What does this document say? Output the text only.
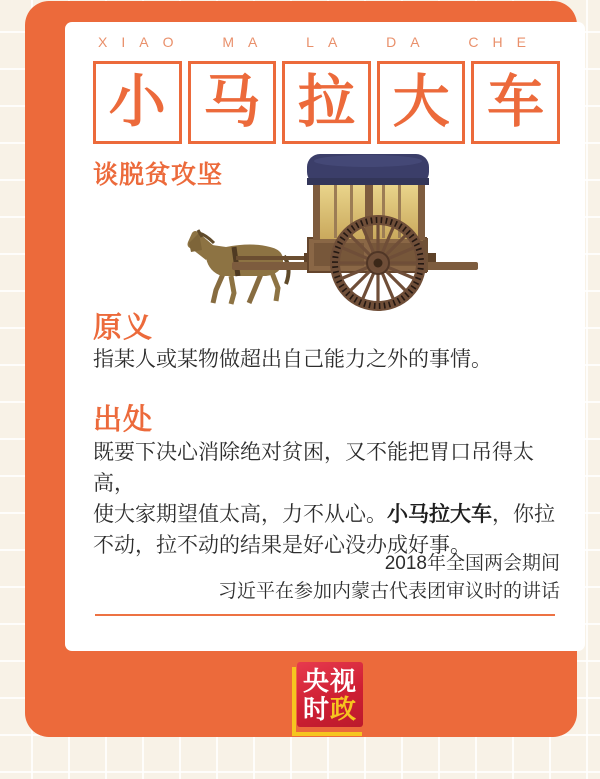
XIAO MA LA DA CHE
小 马 拉 大 车
谈脱贫攻坚
原义

指某人或某物做超出自己能力之外的事情。

出处
既要下决心消除绝对贫困，又不能把胃口吊得太高，
使大家期望值太高，力不从心。小马拉大车，你拉
不动，拉不动的结果是好心没办成好事。
2018年全国两会期间
习近平在参加内蒙古代表团审议时的讲话
央视
时政
